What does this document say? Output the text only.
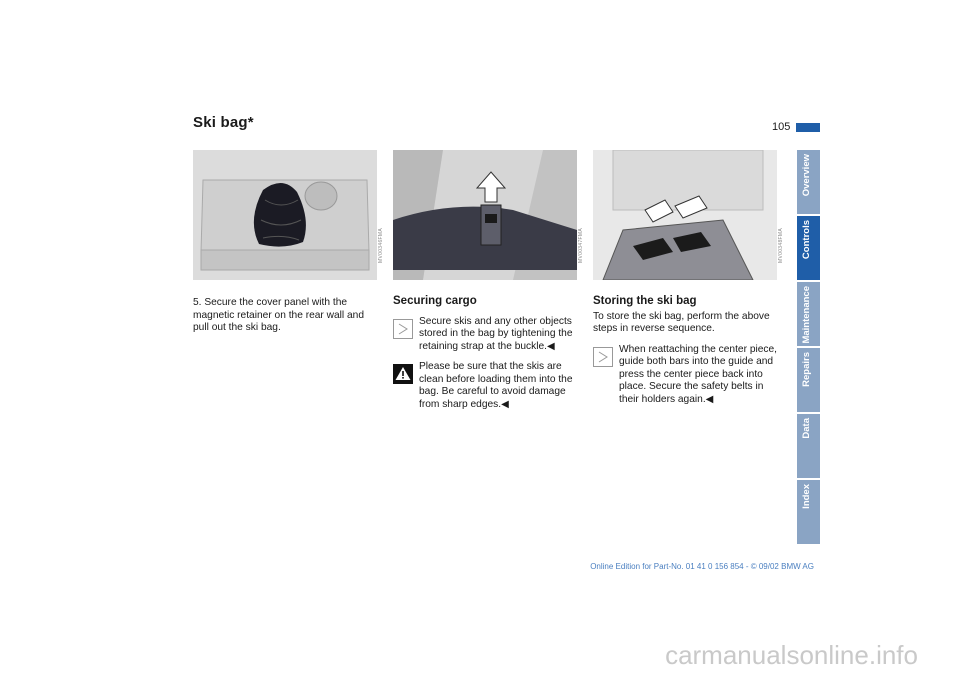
Ski bag*	105
MV00346FMA	MV00347FMA	MV00348FMA
5. Secure the cover panel with the magnetic retainer on the rear wall and pull out the ski bag.
Securing cargo
Secure skis and any other objects stored in the bag by tightening the retaining strap at the buckle.◀
Please be sure that the skis are clean before loading them into the bag. Be careful to avoid damage from sharp edges.◀
Storing the ski bag
To store the ski bag, perform the above steps in reverse sequence.
When reattaching the center piece, guide both bars into the guide and press the center piece back into place. Secure the safety belts in their holders again.◀
Overview
Controls
Maintenance
Repairs
Data
Index
Online Edition for Part-No. 01 41 0 156 854 - © 09/02 BMW AG
carmanualsonline.info
